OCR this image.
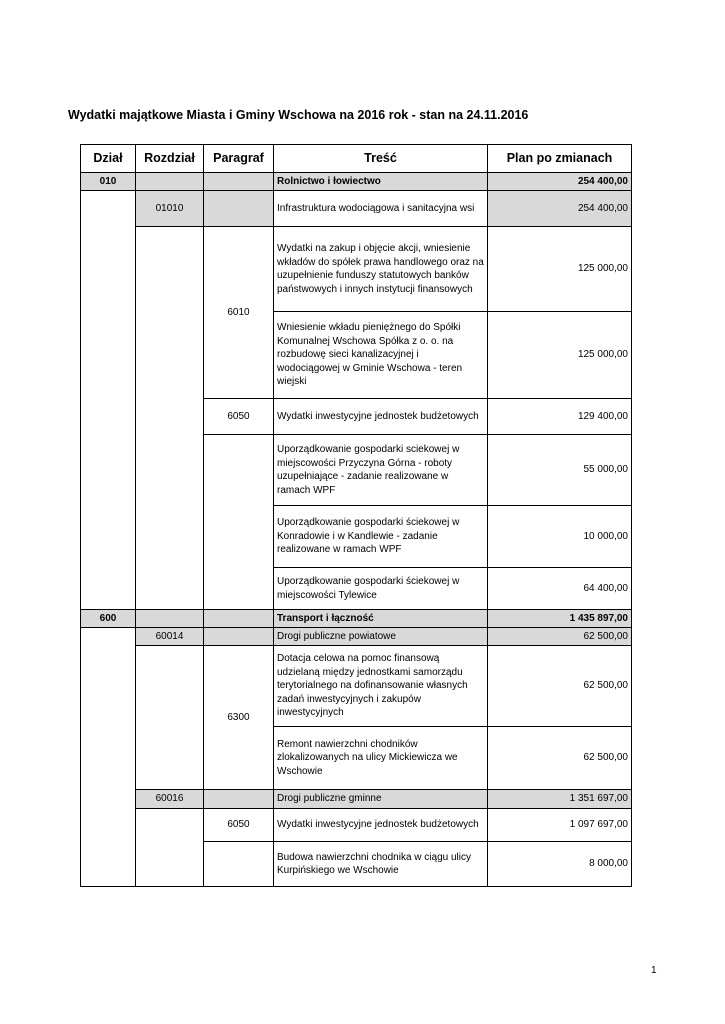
Wydatki majątkowe Miasta i Gminy Wschowa na 2016 rok - stan na 24.11.2016
Dział	Rozdział	Paragraf	Treść	Plan po zmianach
010			Rolnictwo i łowiectwo	254 400,00
	01010		Infrastruktura wodociągowa i sanitacyjna wsi	254 400,00
		6010	Wydatki na zakup i objęcie akcji, wniesienie wkładów do spółek prawa handlowego oraz na uzupełnienie funduszy statutowych banków państwowych i innych instytucji finansowych	125 000,00
			Wniesienie wkładu pieniężnego do Spółki Komunalnej Wschowa Spółka z o. o. na rozbudowę sieci kanalizacyjnej i wodociągowej w Gminie Wschowa - teren wiejski	125 000,00
		6050	Wydatki inwestycyjne jednostek budżetowych	129 400,00
			Uporządkowanie gospodarki sciekowej w miejscowości Przyczyna Górna - roboty uzupełniające - zadanie realizowane w ramach WPF	55 000,00
			Uporządkowanie gospodarki ściekowej w Konradowie i w Kandlewie - zadanie realizowane w ramach WPF	10 000,00
			Uporządkowanie gospodarki ściekowej w miejscowości Tylewice	64 400,00
600			Transport i łączność	1 435 897,00
	60014		Drogi publiczne powiatowe	62 500,00
		6300	Dotacja celowa na pomoc finansową udzielaną między jednostkami samorządu terytorialnego na dofinansowanie własnych zadań inwestycyjnych i zakupów inwestycyjnych	62 500,00
			Remont nawierzchni chodników zlokalizowanych na ulicy Mickiewicza we Wschowie	62 500,00
	60016		Drogi publiczne gminne	1 351 697,00
		6050	Wydatki inwestycyjne jednostek budżetowych	1 097 697,00
			Budowa nawierzchni chodnika w ciągu ulicy Kurpińskiego we Wschowie	8 000,00
1
